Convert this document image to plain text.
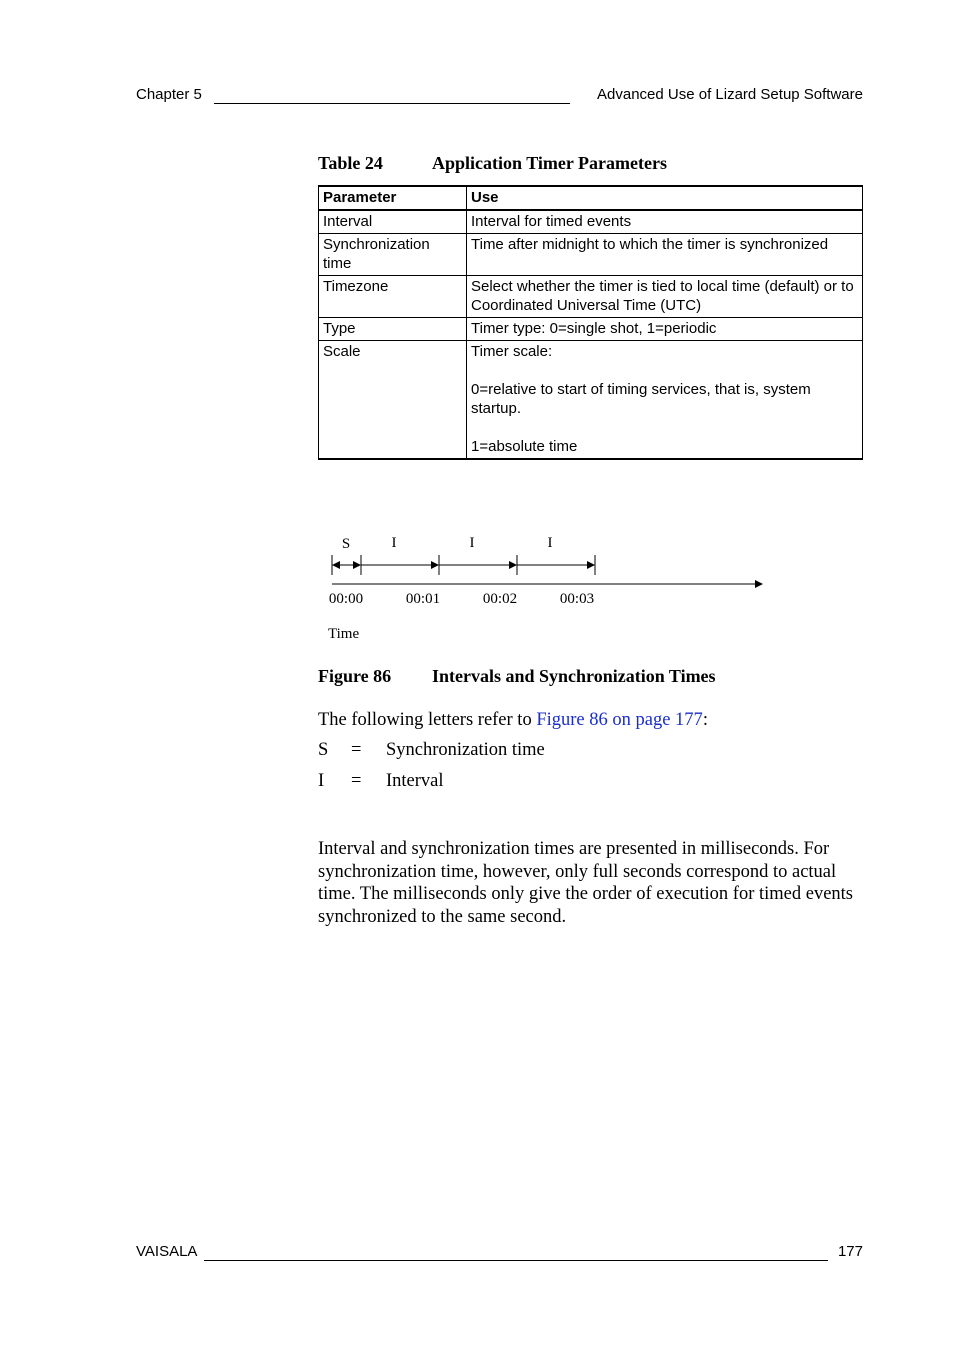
Chapter 5	Advanced Use of Lizard Setup Software
Table 24	Application Timer Parameters
Parameter	Use
Interval	Interval for timed events
Synchronization time	Time after midnight to which the timer is synchronized
Timezone	Select whether the timer is tied to local time (default) or to Coordinated Universal Time (UTC)
Type	Timer type: 0=single shot, 1=periodic
Scale	Timer scale:
0=relative to start of timing services, that is, system startup.
1=absolute time
S	I	I	I
00:00	00:01	00:02	00:03
Time
Figure 86 Intervals and Synchronization Times
The following letters refer to Figure 86 on page 177:
S = Synchronization time
I = Interval
Interval and synchronization times are presented in milliseconds. For synchronization time, however, only full seconds correspond to actual time. The milliseconds only give the order of execution for timed events synchronized to the same second.
VAISALA	177
